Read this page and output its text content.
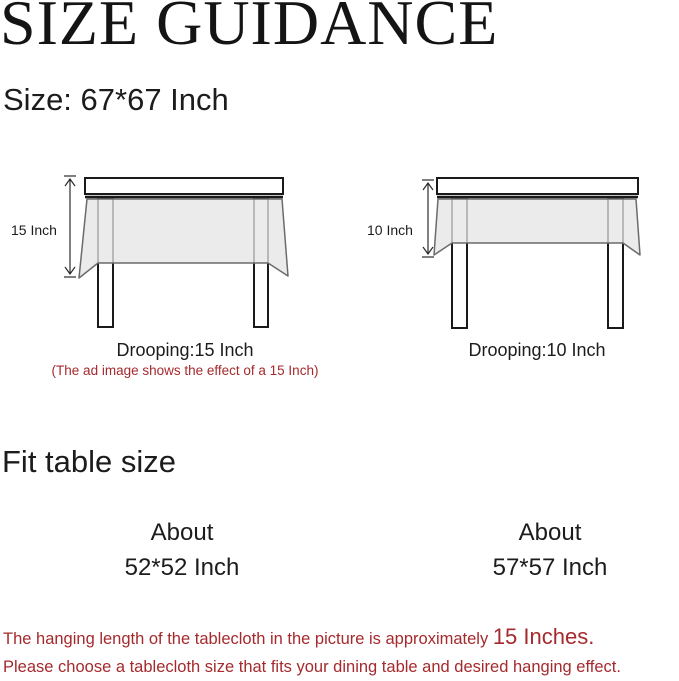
SIZE GUIDANCE
Size: 67*67 Inch
15 Inch	10 Inch
Drooping:15 Inch
(The ad image shows the effect of a 15 Inch)
Drooping:10 Inch
Fit table size
About
52*52 Inch
About
57*57 Inch
The hanging length of the tablecloth in the picture is approximately 15 Inches.
Please choose a tablecloth size that fits your dining table and desired hanging effect.
